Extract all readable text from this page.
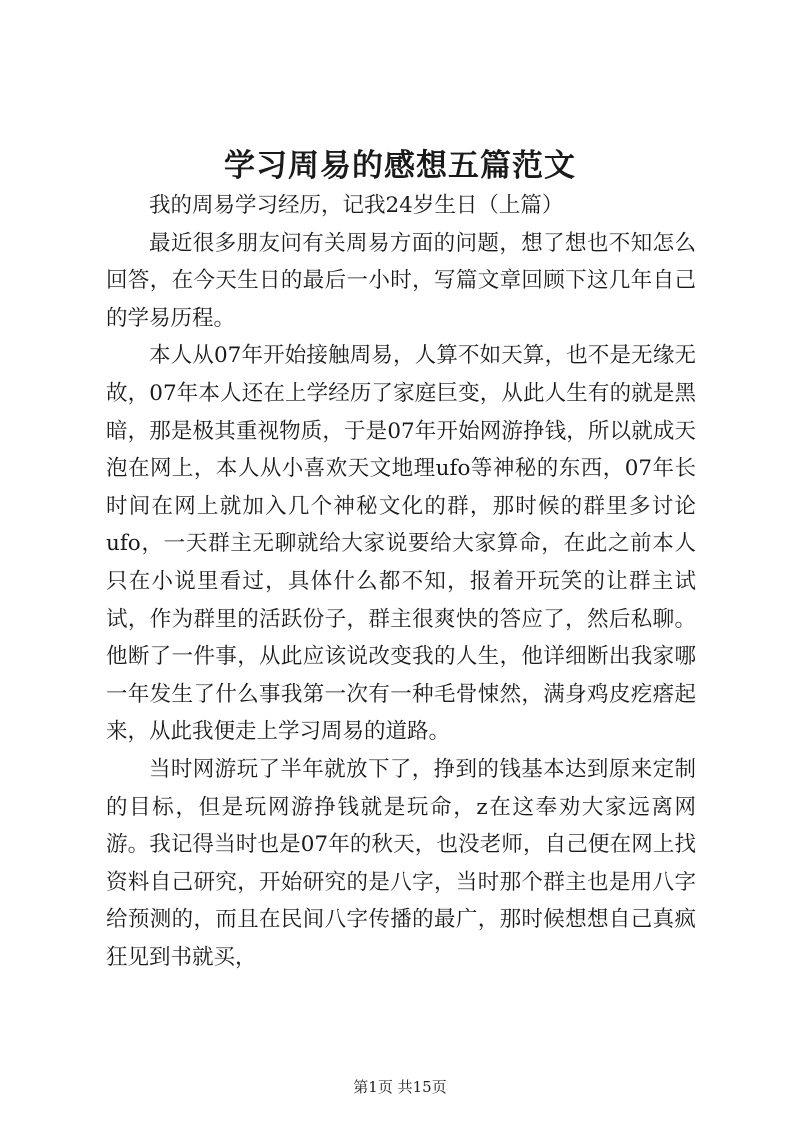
学习周易的感想五篇范文

我的周易学习经历，记我24岁生日（上篇）

最近很多朋友问有关周易方面的问题，想了想也不知怎么回答，在今天生日的最后一小时，写篇文章回顾下这几年自己的学易历程。

本人从07年开始接触周易，人算不如天算，也不是无缘无故，07年本人还在上学经历了家庭巨变，从此人生有的就是黑暗，那是极其重视物质，于是07年开始网游挣钱，所以就成天泡在网上，本人从小喜欢天文地理ufo等神秘的东西，07年长时间在网上就加入几个神秘文化的群，那时候的群里多讨论ufo，一天群主无聊就给大家说要给大家算命，在此之前本人只在小说里看过，具体什么都不知，报着开玩笑的让群主试试，作为群里的活跃份子，群主很爽快的答应了，然后私聊。他断了一件事，从此应该说改变我的人生，他详细断出我家哪一年发生了什么事我第一次有一种毛骨悚然，满身鸡皮疙瘩起来，从此我便走上学习周易的道路。

当时网游玩了半年就放下了，挣到的钱基本达到原来定制的目标，但是玩网游挣钱就是玩命，z在这奉劝大家远离网游。我记得当时也是07年的秋天，也没老师，自己便在网上找资料自己研究，开始研究的是八字，当时那个群主也是用八字给预测的，而且在民间八字传播的最广，那时候想想自己真疯狂见到书就买，

第1页 共15页
